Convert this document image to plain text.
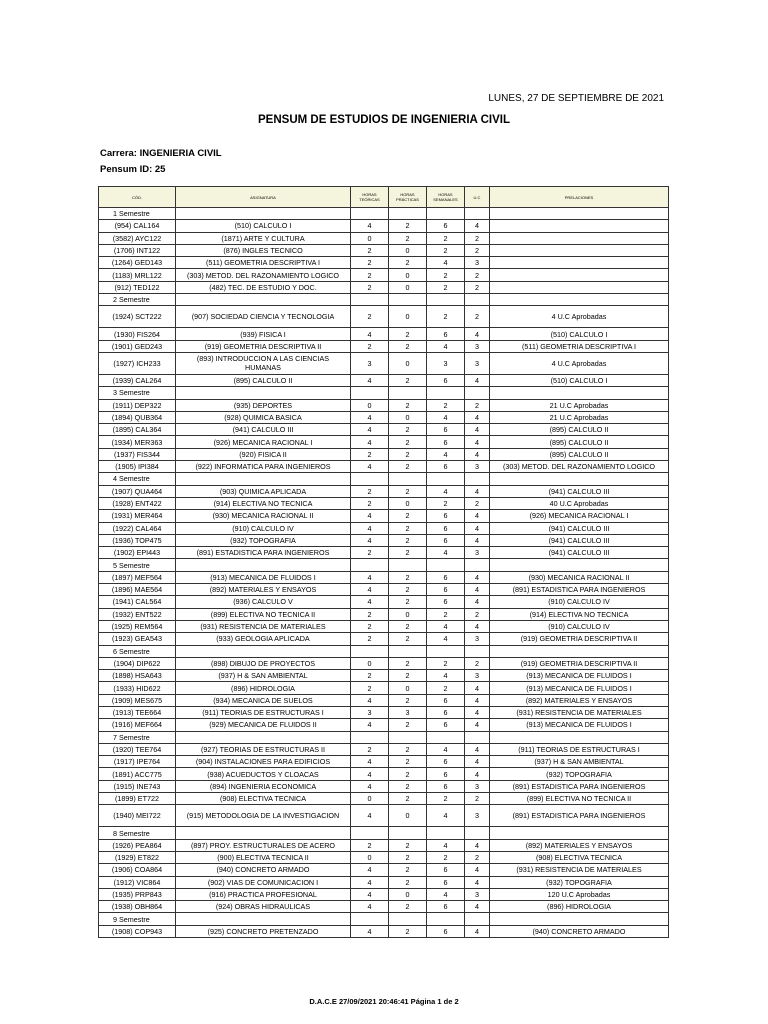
LUNES, 27 DE SEPTIEMBRE DE 2021
PENSUM DE ESTUDIOS DE INGENIERIA CIVIL
Carrera: INGENIERIA CIVIL
Pensum ID: 25
CÓD.	ASIGNATURA	HORAS TEÓRICAS	HORAS PRÁCTICAS	HORAS SEMANALES	U.C	PRELACIONES
1 Semestre						
(954) CAL164	(510) CALCULO I	4	2	6	4	
(3582) AYC122	(1871) ARTE Y CULTURA	0	2	2	2	
(1706) INT122	(876) INGLES TECNICO	2	0	2	2	
(1264) GED143	(511) GEOMETRIA DESCRIPTIVA I	2	2	4	3	
(1183) MRL122	(303) METOD. DEL RAZONAMIENTO LOGICO	2	0	2	2	
(912) TED122	(482) TEC. DE ESTUDIO Y DOC.	2	0	2	2	
2 Semestre						
(1924) SCT222	(907) SOCIEDAD CIENCIA Y TECNOLOGIA	2	0	2	2	4 U.C Aprobadas
(1930) FIS264	(939) FISICA I	4	2	6	4	(510) CALCULO I
(1901) GED243	(919) GEOMETRIA DESCRIPTIVA II	2	2	4	3	(511) GEOMETRIA DESCRIPTIVA I
(1927) ICH233	(893) INTRODUCCION A LAS CIENCIAS HUMANAS	3	0	3	3	4 U.C Aprobadas
(1939) CAL264	(895) CALCULO II	4	2	6	4	(510) CALCULO I
3 Semestre						
(1911) DEP322	(935) DEPORTES	0	2	2	2	21 U.C Aprobadas
(1894) QUB364	(928) QUIMICA BASICA	4	0	4	4	21 U.C Aprobadas
(1895) CAL364	(941) CALCULO III	4	2	6	4	(895) CALCULO II
(1934) MER363	(926) MECANICA RACIONAL I	4	2	6	4	(895) CALCULO II
(1937) FIS344	(920) FISICA II	2	2	4	4	(895) CALCULO II
(1905) IPI384	(922) INFORMATICA PARA INGENIEROS	4	2	6	3	(303) METOD. DEL RAZONAMIENTO LOGICO
4 Semestre						
(1907) QUA464	(903) QUIMICA APLICADA	2	2	4	4	(941) CALCULO III
(1928) ENT422	(914) ELECTIVA NO TECNICA	2	0	2	2	40 U.C Aprobadas
(1931) MER464	(930) MECANICA RACIONAL II	4	2	6	4	(926) MECANICA RACIONAL I
(1922) CAL464	(910) CALCULO IV	4	2	6	4	(941) CALCULO III
(1936) TOP475	(932) TOPOGRAFIA	4	2	6	4	(941) CALCULO III
(1902) EPI443	(891) ESTADISTICA PARA INGENIEROS	2	2	4	3	(941) CALCULO III
5 Semestre						
(1897) MEF564	(913) MECANICA DE FLUIDOS I	4	2	6	4	(930) MECANICA RACIONAL II
(1896) MAE564	(892) MATERIALES Y ENSAYOS	4	2	6	4	(891) ESTADISTICA PARA INGENIEROS
(1941) CAL564	(936) CALCULO V	4	2	6	4	(910) CALCULO IV
(1932) ENT522	(899) ELECTIVA NO TECNICA II	2	0	2	2	(914) ELECTIVA NO TECNICA
(1925) REM564	(931) RESISTENCIA DE MATERIALES	2	2	4	4	(910) CALCULO IV
(1923) GEA543	(933) GEOLOGIA APLICADA	2	2	4	3	(919) GEOMETRIA DESCRIPTIVA II
6 Semestre						
(1904) DIP622	(898) DIBUJO DE PROYECTOS	0	2	2	2	(919) GEOMETRIA DESCRIPTIVA II
(1898) HSA643	(937) H & SAN AMBIENTAL	2	2	4	3	(913) MECANICA DE FLUIDOS I
(1933) HID622	(896) HIDROLOGIA	2	0	2	4	(913) MECANICA DE FLUIDOS I
(1909) MES675	(934) MECANICA DE SUELOS	4	2	6	4	(892) MATERIALES Y ENSAYOS
(1913) TEE664	(911) TEORIAS DE ESTRUCTURAS I	3	3	6	4	(931) RESISTENCIA DE MATERIALES
(1916) MEF664	(929) MECANICA DE FLUIDOS II	4	2	6	4	(913) MECANICA DE FLUIDOS I
7 Semestre						
(1920) TEE764	(927) TEORIAS DE ESTRUCTURAS II	2	2	4	4	(911) TEORIAS DE ESTRUCTURAS I
(1917) IPE764	(904) INSTALACIONES PARA EDIFICIOS	4	2	6	4	(937) H & SAN AMBIENTAL
(1891) ACC775	(938) ACUEDUCTOS Y CLOACAS	4	2	6	4	(932) TOPOGRAFIA
(1915) INE743	(894) INGENIERIA ECONOMICA	4	2	6	3	(891) ESTADISTICA PARA INGENIEROS
(1899) ET722	(908) ELECTIVA TECNICA	0	2	2	2	(899) ELECTIVA NO TECNICA II
(1940) MEI722	(915) METODOLOGIA DE LA INVESTIGACION	4	0	4	3	(891) ESTADISTICA PARA INGENIEROS
8 Semestre						
(1926) PEA864	(897) PROY. ESTRUCTURALES DE ACERO	2	2	4	4	(892) MATERIALES Y ENSAYOS
(1929) ET822	(900) ELECTIVA TECNICA II	0	2	2	2	(908) ELECTIVA TECNICA
(1906) COA864	(940) CONCRETO ARMADO	4	2	6	4	(931) RESISTENCIA DE MATERIALES
(1912) VIC864	(902) VIAS DE COMUNICACION I	4	2	6	4	(932) TOPOGRAFIA
(1935) PRP843	(916) PRACTICA PROFESIONAL	4	0	4	3	120 U.C Aprobadas
(1938) OBH864	(924) OBRAS HIDRAULICAS	4	2	6	4	(896) HIDROLOGIA
9 Semestre						
(1908) COP943	(925) CONCRETO PRETENZADO	4	2	6	4	(940) CONCRETO ARMADO
D.A.C.E 27/09/2021 20:46:41 Página 1 de 2
